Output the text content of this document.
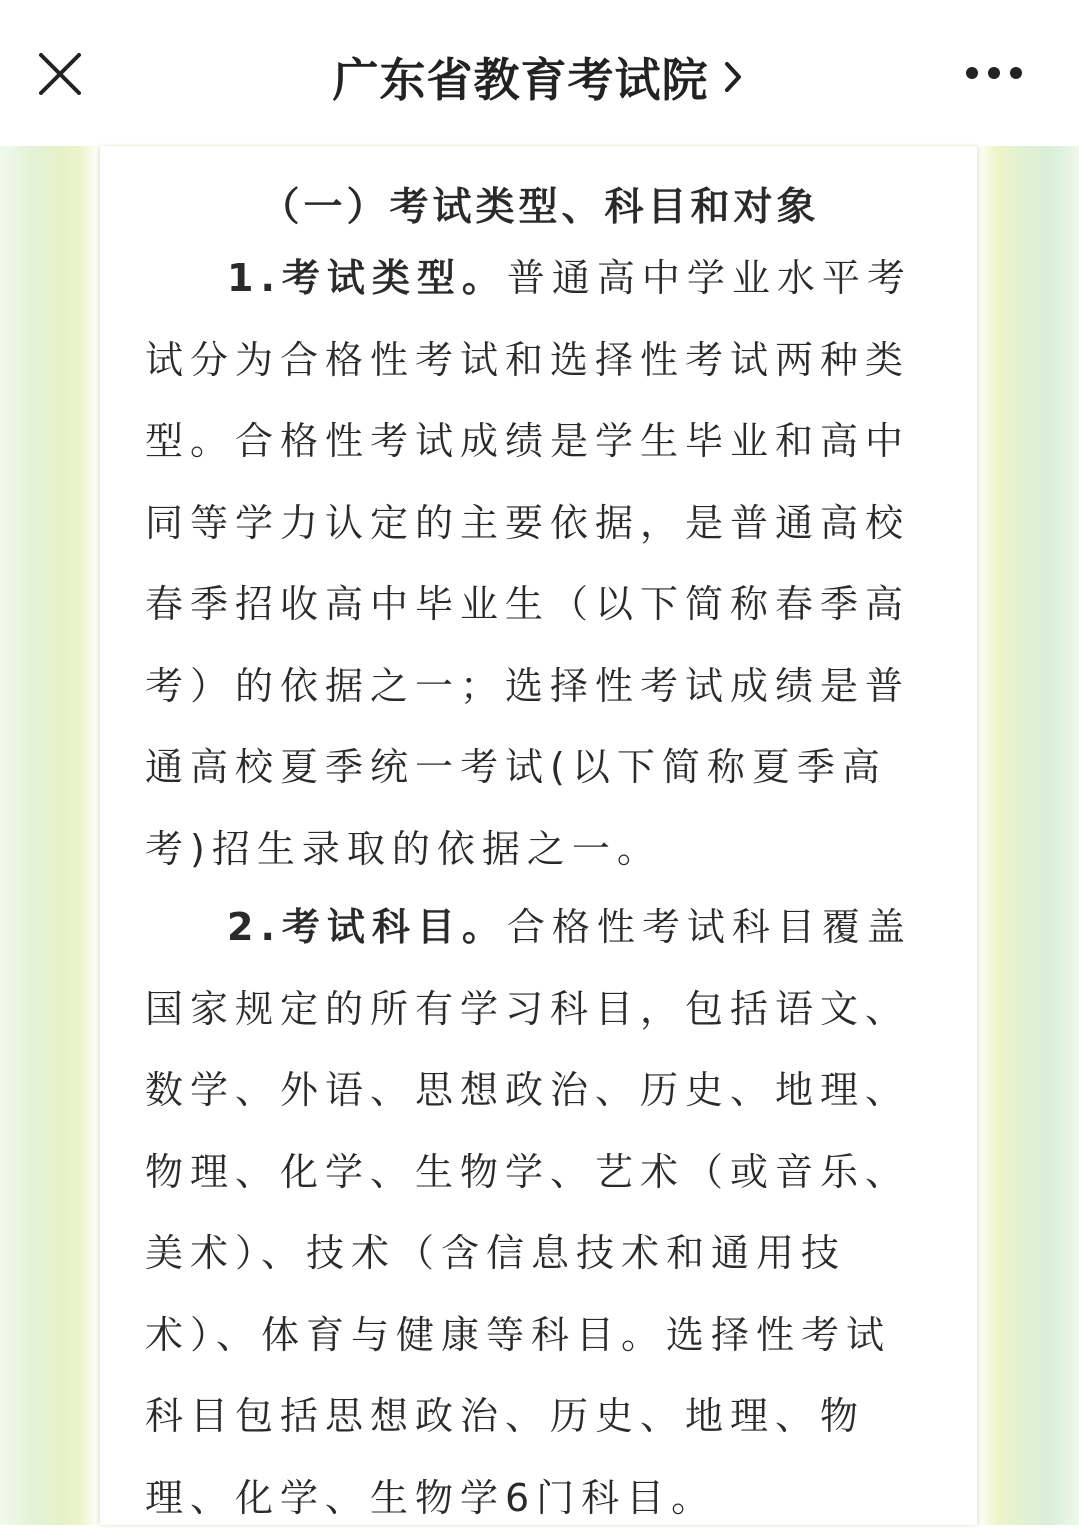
广东省教育考试院
（一）考试类型、科目和对象
1.考试类型。普通高中学业水平考
试分为合格性考试和选择性考试两种类
型。合格性考试成绩是学生毕业和高中
同等学力认定的主要依据，是普通高校
春季招收高中毕业生（以下简称春季高
考）的依据之一；选择性考试成绩是普
通高校夏季统一考试(以下简称夏季高
考)招生录取的依据之一。
2.考试科目。合格性考试科目覆盖
国家规定的所有学习科目，包括语文、
数学、外语、思想政治、历史、地理、
物理、化学、生物学、艺术（或音乐、
美术）、技术（含信息技术和通用技
术）、体育与健康等科目。选择性考试
科目包括思想政治、历史、地理、物
理、化学、生物学6门科目。
